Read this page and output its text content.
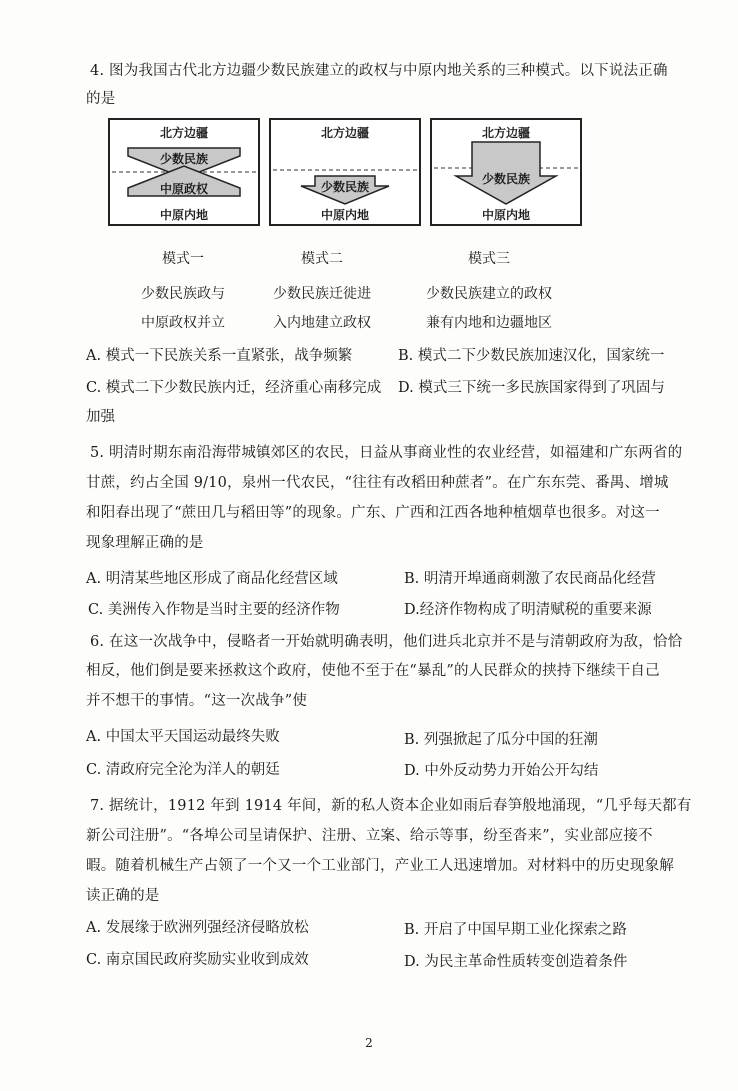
4. 图为我国古代北方边疆少数民族建立的政权与中原内地关系的三种模式。以下说法正确
的是
北方边疆
少数民族
中原政权
中原内地
北方边疆
少数民族
中原内地
北方边疆
少数民族
中原内地
模式一
少数民族政与
中原政权并立
模式二
少数民族迁徙进
入内地建立政权
模式三
少数民族建立的政权
兼有内地和边疆地区
A. 模式一下民族关系一直紧张，战争频繁	B. 模式二下少数民族加速汉化，国家统一
C. 模式二下少数民族内迁，经济重心南移完成 D. 模式三下统一多民族国家得到了巩固与
加强
5. 明清时期东南沿海带城镇郊区的农民，日益从事商业性的农业经营，如福建和广东两省的
甘蔗，约占全国 9/10，泉州一代农民，“往往有改稻田种蔗者”。在广东东莞、番禺、增城
和阳春出现了“蔗田几与稻田等”的现象。广东、广西和江西各地种植烟草也很多。对这一
现象理解正确的是
A. 明清某些地区形成了商品化经营区域	B. 明清开埠通商刺激了农民商品化经营
C. 美洲传入作物是当时主要的经济作物	D.经济作物构成了明清赋税的重要来源
6. 在这一次战争中，侵略者一开始就明确表明，他们进兵北京并不是与清朝政府为敌，恰恰
相反，他们倒是要来拯救这个政府，使他不至于在“暴乱”的人民群众的挟持下继续干自己
并不想干的事情。“这一次战争”使
A. 中国太平天国运动最终失败	B. 列强掀起了瓜分中国的狂潮
C. 清政府完全沦为洋人的朝廷	D. 中外反动势力开始公开勾结
7. 据统计，1912 年到 1914 年间，新的私人资本企业如雨后春笋般地涌现，“几乎每天都有
新公司注册”。“各埠公司呈请保护、注册、立案、给示等事，纷至沓来”，实业部应接不
暇。随着机械生产占领了一个又一个工业部门，产业工人迅速增加。对材料中的历史现象解
读正确的是
A. 发展缘于欧洲列强经济侵略放松	B. 开启了中国早期工业化探索之路
C. 南京国民政府奖励实业收到成效	D. 为民主革命性质转变创造着条件
2
